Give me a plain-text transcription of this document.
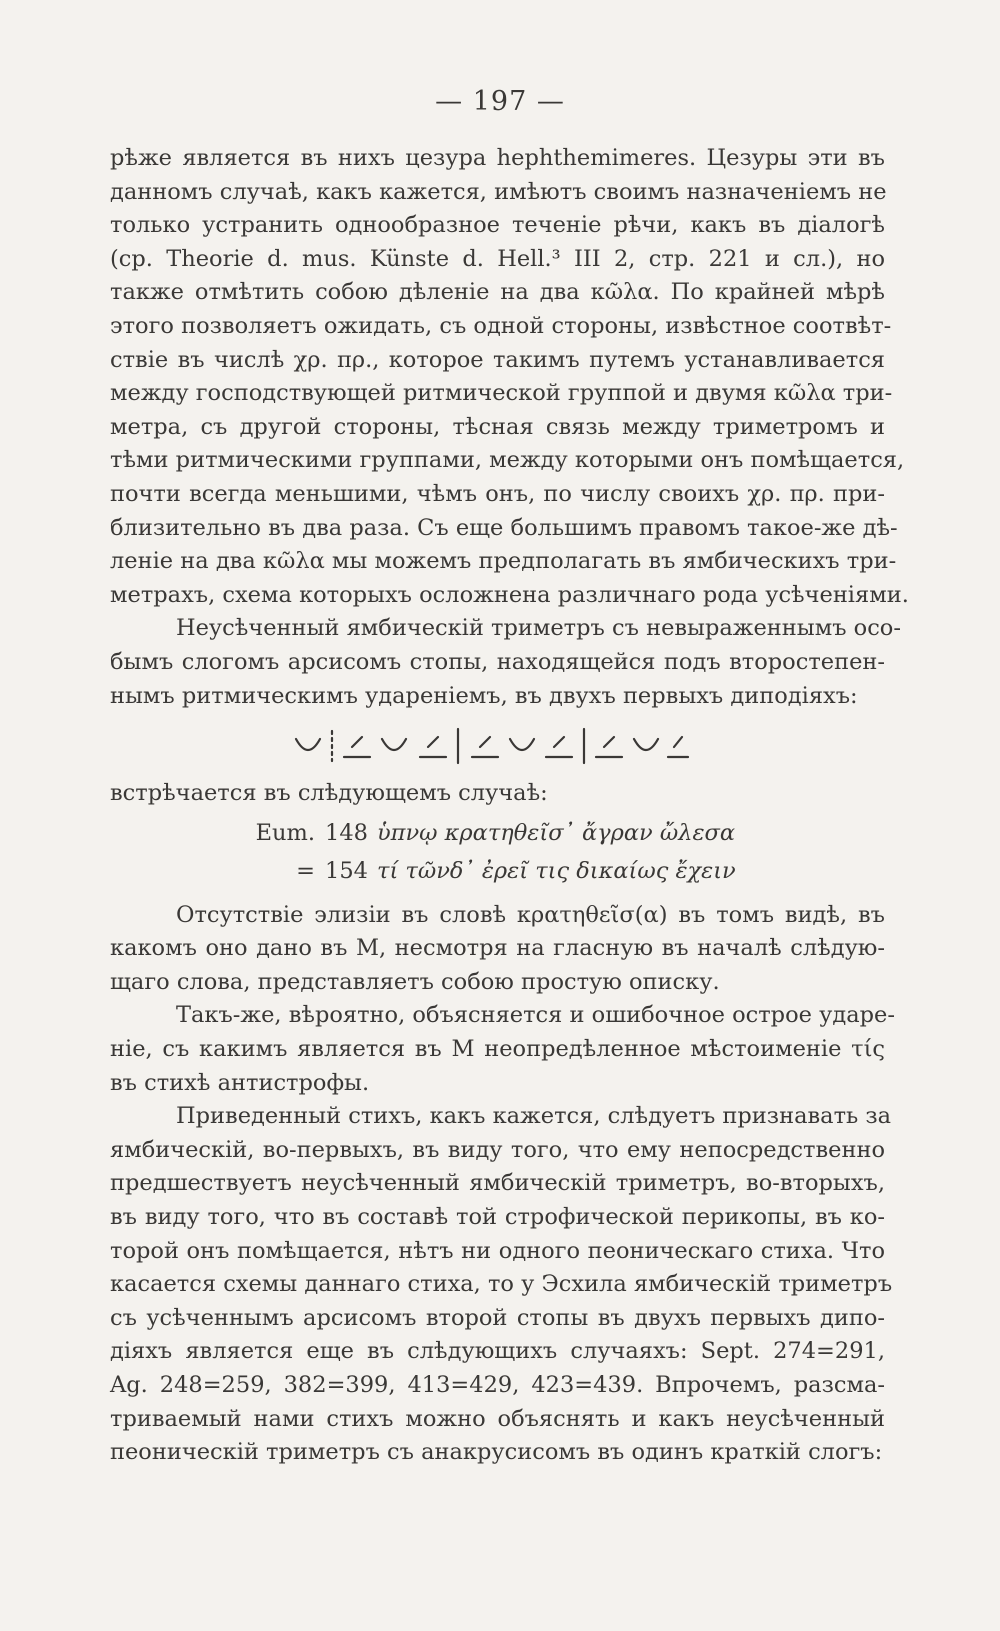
— 197 —
рѣже является въ нихъ цезура hephthemimeres. Цезуры эти въ
данномъ случаѣ, какъ кажется, имѣютъ своимъ назначеніемъ не
только устранить однообразное теченіе рѣчи, какъ въ діалогѣ
(ср. Theorie d. mus. Künste d. Hell.³ III 2, стр. 221 и сл.), но
также отмѣтить собою дѣленіе на два κῶλα. По крайней мѣрѣ
этого позволяетъ ожидать, съ одной стороны, извѣстное соотвѣт-
ствіе въ числѣ χρ. πρ., которое такимъ путемъ устанавливается
между господствующей ритмической группой и двумя κῶλα три-
метра, съ другой стороны, тѣсная связь между триметромъ и
тѣми ритмическими группами, между которыми онъ помѣщается,
почти всегда меньшими, чѣмъ онъ, по числу своихъ χρ. πρ. при-
близительно въ два раза. Съ еще большимъ правомъ такое-же дѣ-
леніе на два κῶλα мы можемъ предполагать въ ямбическихъ три-
метрахъ, схема которыхъ осложнена различнаго рода усѣченіями.
Неусѣченный ямбическій триметръ съ невыраженнымъ осо-
бымъ слогомъ арсисомъ стопы, находящейся подъ второстепен-
нымъ ритмическимъ удареніемъ, въ двухъ первыхъ диподіяхъ:
встрѣчается въ слѣдующемъ случаѣ:
Eum. 148 ὑπνῳ κρατηθεῖσ᾽ ἄγραν ὤλεσα
= 154 τί τῶνδ᾽ ἐρεῖ τις δικαίως ἔχειν
Отсутствіе элизіи въ словѣ κρατηθεῖσ(α) въ томъ видѣ, въ
какомъ оно дано въ M, несмотря на гласную въ началѣ слѣдую-
щаго слова, представляетъ собою простую описку.
Такъ-же, вѣроятно, объясняется и ошибочное острое ударе-
ніе, съ какимъ является въ M неопредѣленное мѣстоименіе τίς
въ стихѣ антистрофы.
Приведенный стихъ, какъ кажется, слѣдуетъ признавать за
ямбическій, во-первыхъ, въ виду того, что ему непосредственно
предшествуетъ неусѣченный ямбическій триметръ, во-вторыхъ,
въ виду того, что въ составѣ той строфической перикопы, въ ко-
торой онъ помѣщается, нѣтъ ни одного пеоническаго стиха. Что
касается схемы даннаго стиха, то у Эсхила ямбическій триметръ
съ усѣченнымъ арсисомъ второй стопы въ двухъ первыхъ дипо-
діяхъ является еще въ слѣдующихъ случаяхъ: Sept. 274=291,
Ag. 248=259, 382=399, 413=429, 423=439. Впрочемъ, разсма-
триваемый нами стихъ можно объяснять и какъ неусѣченный
пеоническій триметръ съ анакрусисомъ въ одинъ краткій слогъ:
